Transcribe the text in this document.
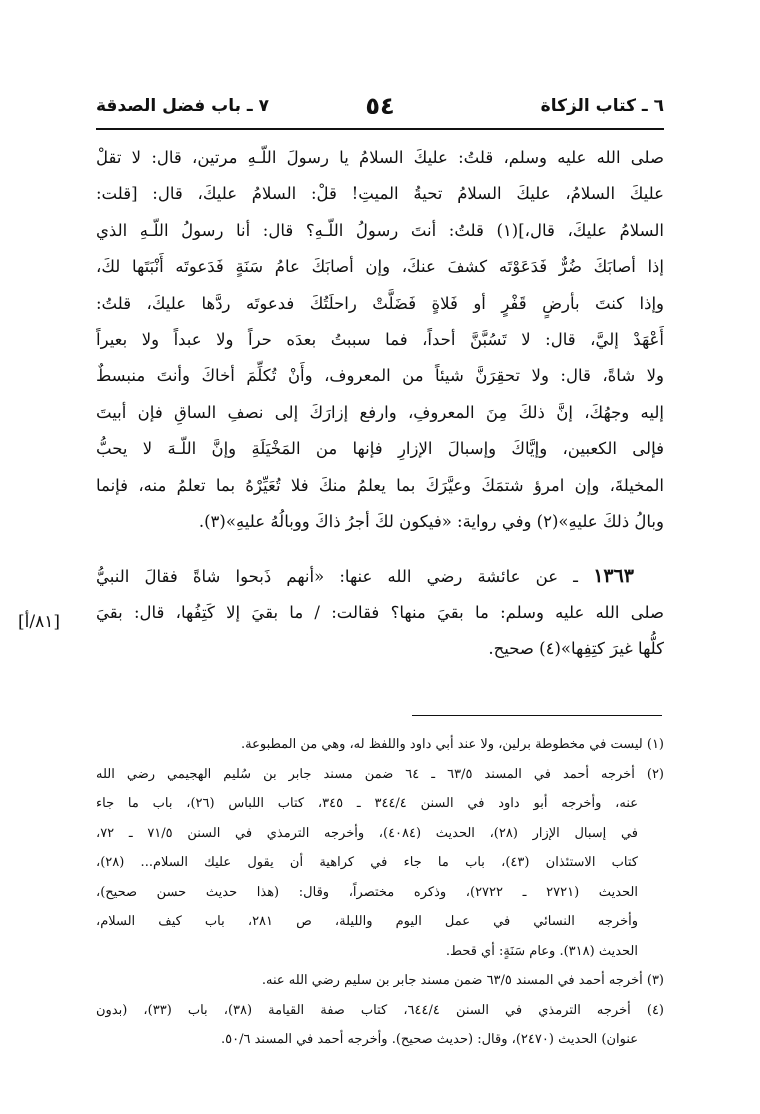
٧ ـ باب فضل الصدقة	٥٤	٦ ـ كتاب الزكاة
صلى الله عليه وسلم، قلتُ: عليكَ السلامُ يا رسولَ اللّـهِ مرتين، قال: لا تقلْ
عليكَ السلامُ، عليكَ السلامُ تحيةُ الميتِ! قلْ: السلامُ عليكَ، قال: [قلت:
السلامُ عليكَ، قال،](١) قلتُ: أنتَ رسولُ اللّـهِ؟ قال: أنا رسولُ اللّـهِ الذي
إذا أصابَكَ ضُرٌّ فَدَعَوْتَه كشفَ عنكَ، وإن أصابَكَ عامُ سَنَةٍ فَدَعوتَه أَنْبَتَها لكَ،
وإذا كنتَ بأرضٍ قَفْرٍ أو فَلاةٍ فَضَلَّتْ راحلَتُكَ فدعوتَه ردَّها عليكَ، قلتُ:
أَعْهَدْ إليَّ، قال: لا تَسُبَّنَّ أحداً، فما سببتُ بعدَه حراً ولا عبداً ولا بعيراً
ولا شاةً، قال: ولا تحقِرَنَّ شيئاً من المعروف، وأَنْ تُكلِّمَ أخاكَ وأنتَ منبسطٌ
إليه وجهُكَ، إنَّ ذلكَ مِنَ المعروفِ، وارفع إزارَكَ إلى نصفِ الساقِ فإن أبيتَ
فإلى الكعبين، وإيَّاكَ وإسبالَ الإزارِ فإنها من المَخْيَلَةِ وإنَّ اللّـهَ لا يحبُّ
المخيلةَ، وإن امرؤ شتمَكَ وعيَّرَكَ بما يعلمُ منكَ فلا تُعَيِّرْهُ بما تعلمُ منه، فإنما
وبالُ ذلكَ عليهِ»(٢) وفي رواية: «فيكون لكَ أجرُ ذاكَ ووبالُهُ عليهِ»(٣).
١٣٦٣ ـ عن عائشة رضي الله عنها: «أنهم ذَبحوا شاةً فقالَ النبيُّ
صلى الله عليه وسلم: ما بقيَ منها؟ فقالت: / ما بقيَ إلا كَتِفُها، قال: بقيَ
كلُّها غيرَ كتِفِها»(٤) صحيح.
[٨١/أ]
(١) ليست في مخطوطة برلين، ولا عند أبي داود واللفظ له، وهي من المطبوعة.
(٢) أخرجه أحمد في المسند ٦٣/٥ ـ ٦٤ ضمن مسند جابر بن سُليم الهجيمي رضي الله
عنه، وأخرجه أبو داود في السنن ٣٤٤/٤ ـ ٣٤٥، كتاب اللباس (٢٦)، باب ما جاء
في إسبال الإزار (٢٨)، الحديث (٤٠٨٤)، وأخرجه الترمذي في السنن ٧١/٥ ـ ٧٢،
كتاب الاستئذان (٤٣)، باب ما جاء في كراهية أن يقول عليك السلام... (٢٨)،
الحديث (٢٧٢١ ـ ٢٧٢٢)، وذكره مختصراً، وقال: (هذا حديث حسن صحيح)،
وأخرجه النسائي في عمل اليوم والليلة، ص ٢٨١، باب كيف السلام،
الحديث (٣١٨). وعام سَنَةٍ: أي قحط.
(٣) أخرجه أحمد في المسند ٦٣/٥ ضمن مسند جابر بن سليم رضي الله عنه.
(٤) أخرجه الترمذي في السنن ٦٤٤/٤، كتاب صفة القيامة (٣٨)، باب (٣٣)، (بدون
عنوان) الحديث (٢٤٧٠)، وقال: (حديث صحيح). وأخرجه أحمد في المسند ٥٠/٦.
